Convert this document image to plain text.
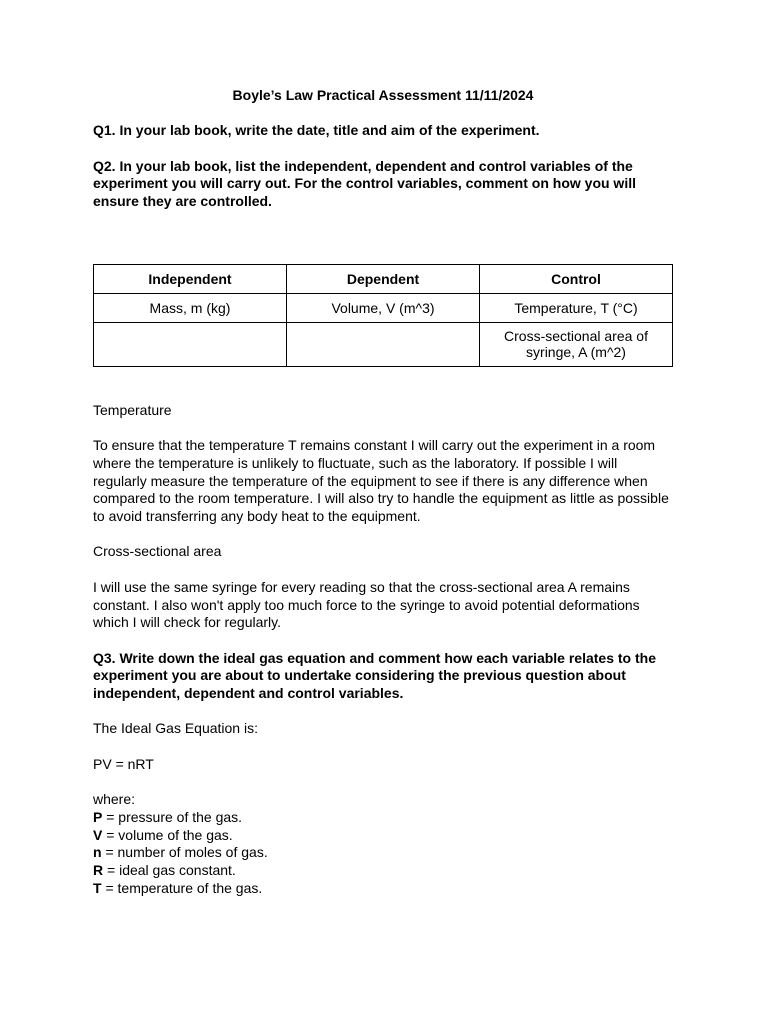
Boyle’s Law Practical Assessment 11/11/2024

Q1. In your lab book, write the date, title and aim of the experiment.

Q2. In your lab book, list the independent, dependent and control variables of the experiment you will carry out. For the control variables, comment on how you will ensure they are controlled.

Independent	Dependent	Control
Mass, m (kg)	Volume, V (m^3)	Temperature, T (°C)
		Cross-sectional area of syringe, A (m^2)

Temperature

To ensure that the temperature T remains constant I will carry out the experiment in a room where the temperature is unlikely to fluctuate, such as the laboratory. If possible I will regularly measure the temperature of the equipment to see if there is any difference when compared to the room temperature. I will also try to handle the equipment as little as possible to avoid transferring any body heat to the equipment.

Cross-sectional area

I will use the same syringe for every reading so that the cross-sectional area A remains constant. I also won't apply too much force to the syringe to avoid potential deformations which I will check for regularly.

Q3. Write down the ideal gas equation and comment how each variable relates to the experiment you are about to undertake considering the previous question about independent, dependent and control variables.

The Ideal Gas Equation is:

PV = nRT

where:

P = pressure of the gas.

V = volume of the gas.

n = number of moles of gas.

R = ideal gas constant.

T = temperature of the gas.
